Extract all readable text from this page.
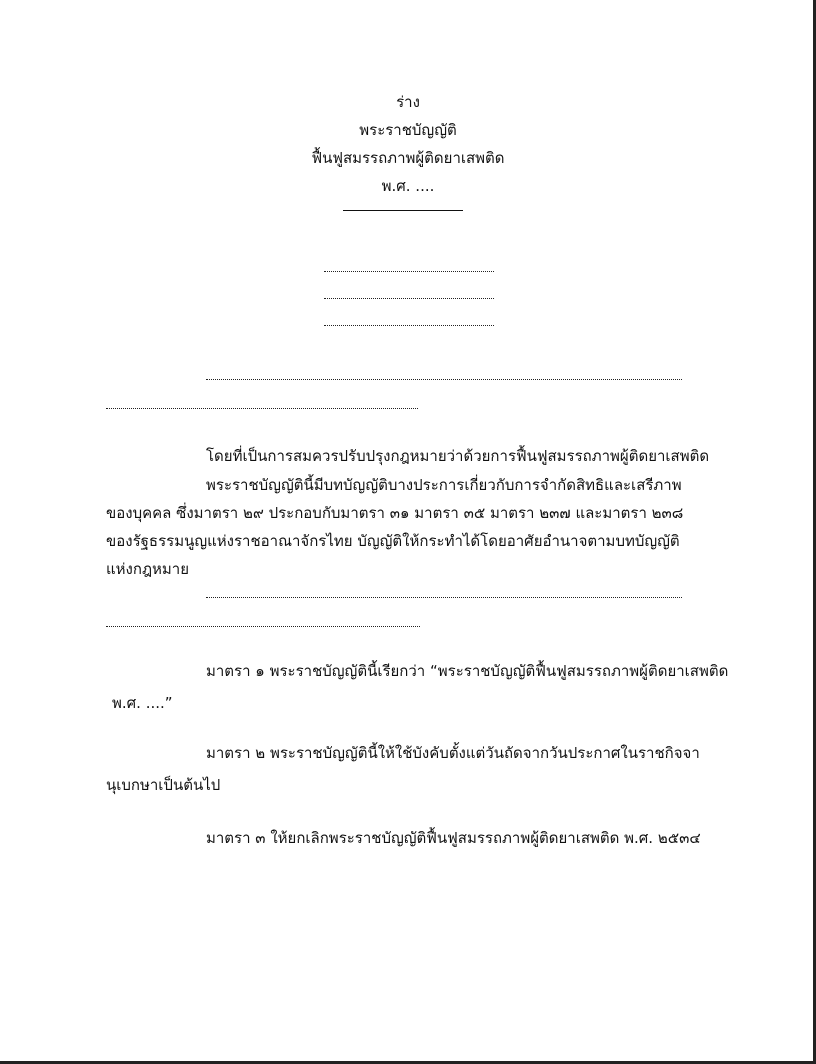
ร่าง
พระราชบัญญัติ
ฟื้นฟูสมรรถภาพผู้ติดยาเสพติด
พ.ศ. ....
โดยที่เป็นการสมควรปรับปรุงกฎหมายว่าด้วยการฟื้นฟูสมรรถภาพผู้ติดยาเสพติด
พระราชบัญญัตินี้มีบทบัญญัติบางประการเกี่ยวกับการจำกัดสิทธิและเสรีภาพ
ของบุคคล ซึ่งมาตรา ๒๙ ประกอบกับมาตรา ๓๑ มาตรา ๓๕ มาตรา ๒๓๗ และมาตรา ๒๓๘
ของรัฐธรรมนูญแห่งราชอาณาจักรไทย บัญญัติให้กระทำได้โดยอาศัยอำนาจตามบทบัญญัติ
แห่งกฎหมาย
มาตรา ๑ พระราชบัญญัตินี้เรียกว่า “พระราชบัญญัติฟื้นฟูสมรรถภาพผู้ติดยาเสพติด
พ.ศ. ....”
มาตรา ๒ พระราชบัญญัตินี้ให้ใช้บังคับตั้งแต่วันถัดจากวันประกาศในราชกิจจา
นุเบกษาเป็นต้นไป
มาตรา ๓ ให้ยกเลิกพระราชบัญญัติฟื้นฟูสมรรถภาพผู้ติดยาเสพติด พ.ศ. ๒๕๓๔
